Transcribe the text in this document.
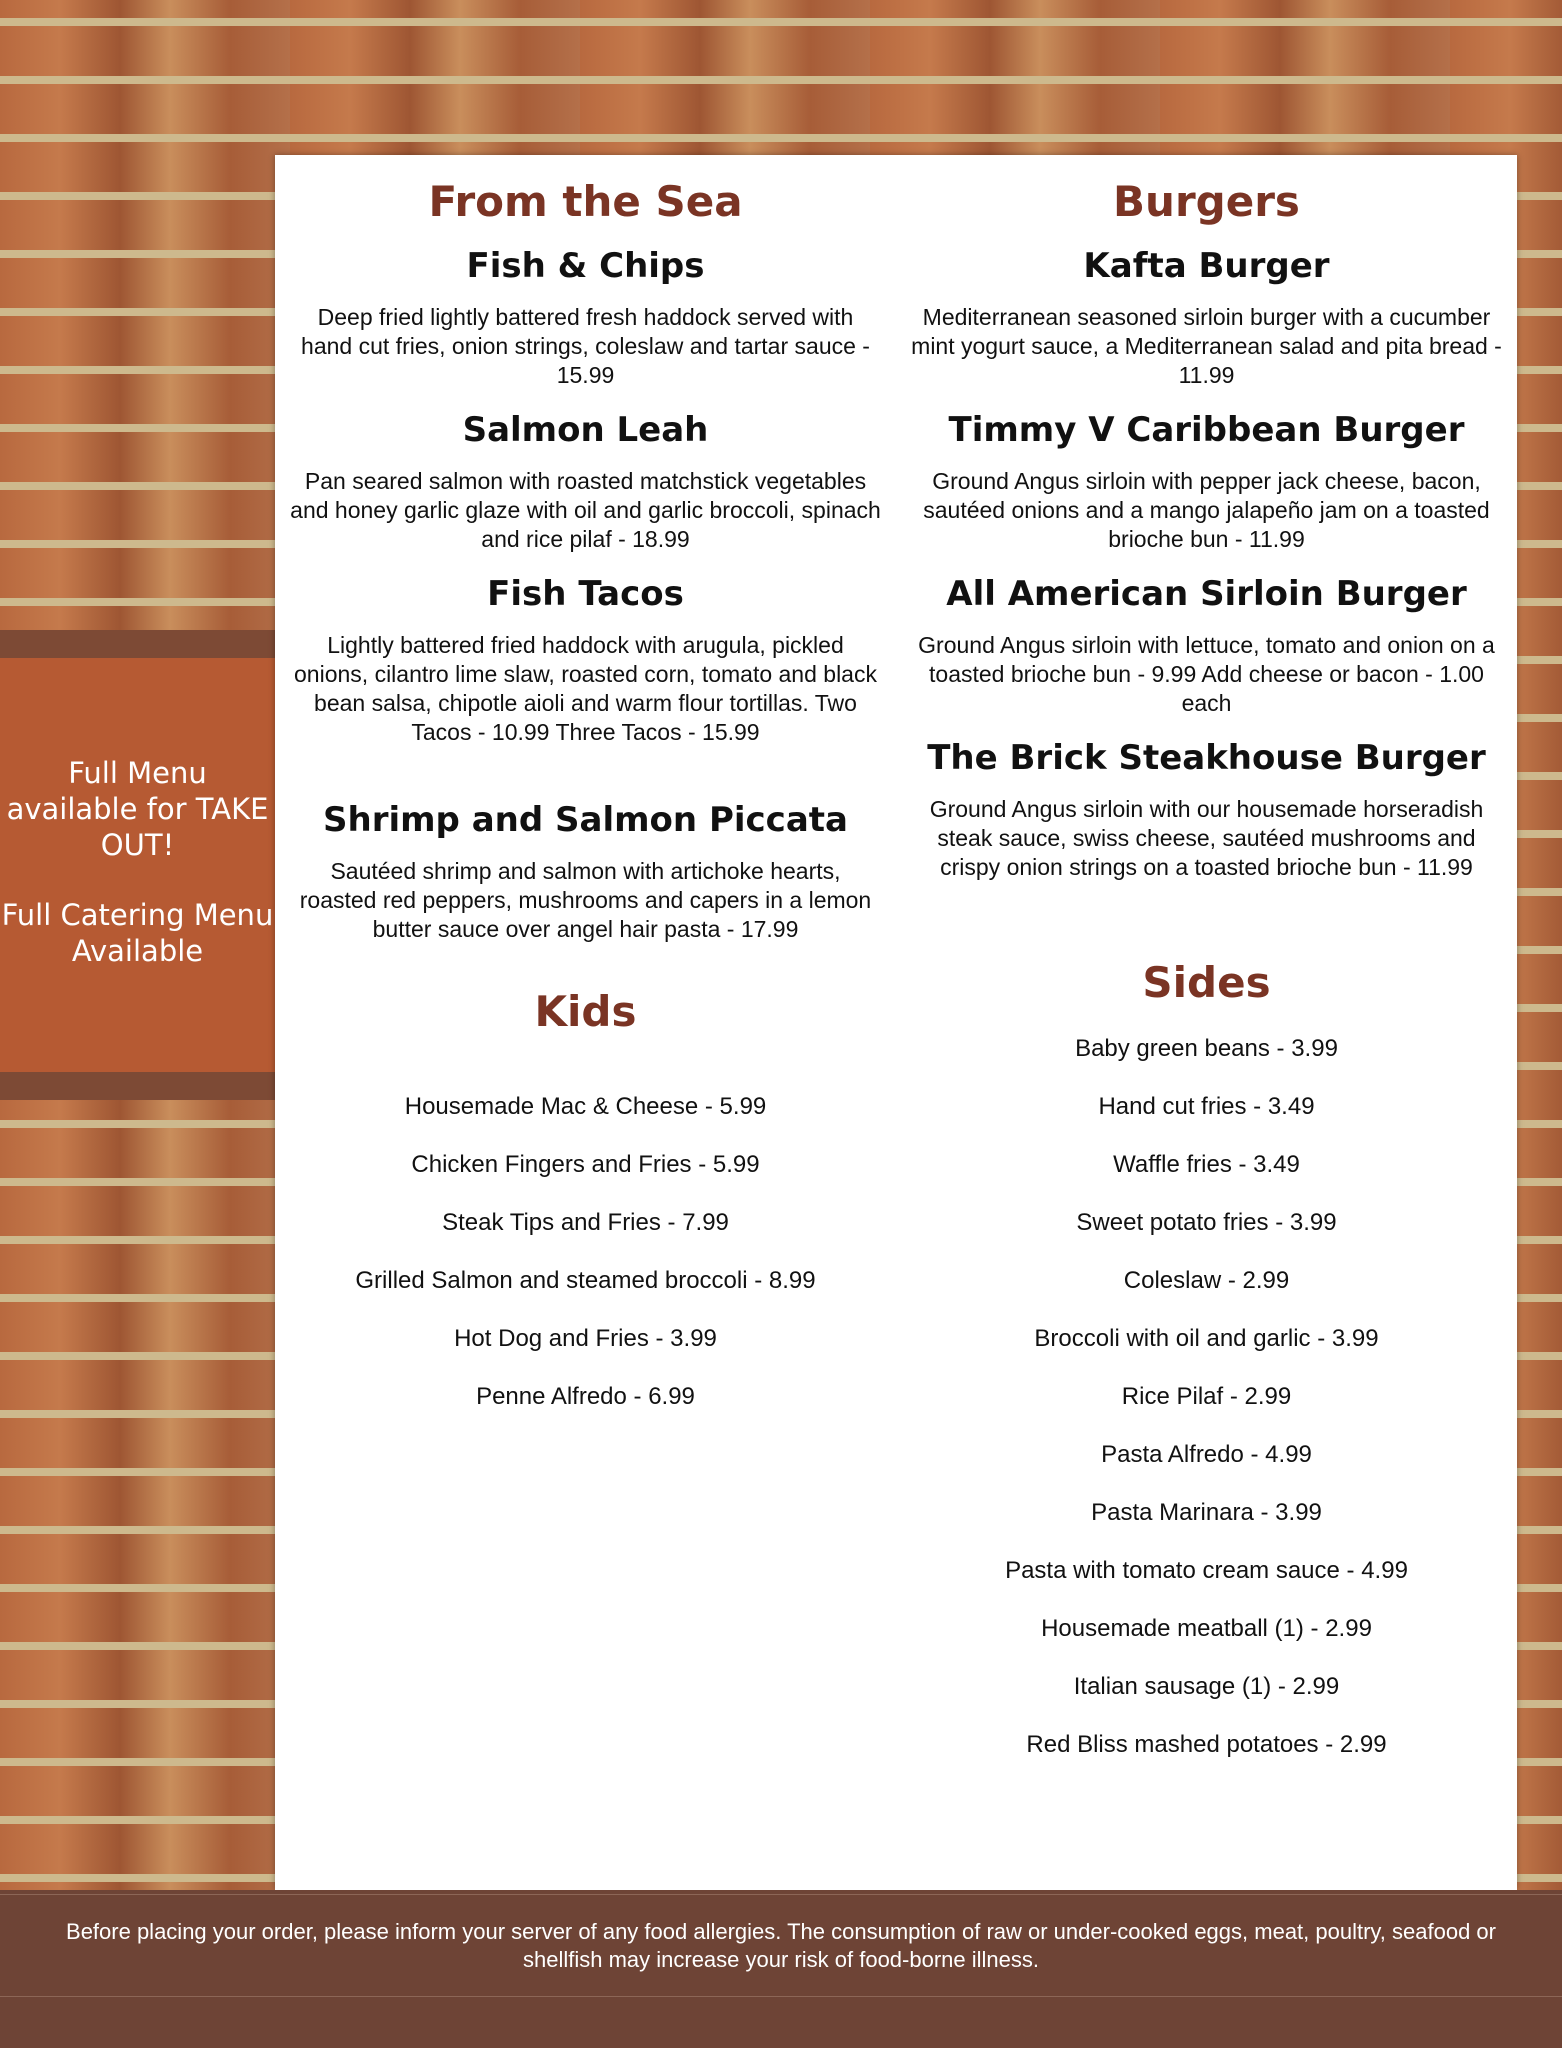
Full Menu available for TAKE OUT!

Full Catering Menu Available

From the Sea
Fish & Chips

Deep fried lightly battered fresh haddock served with hand cut fries, onion strings, coleslaw and tartar sauce - 15.99

Salmon Leah

Pan seared salmon with roasted matchstick vegetables and honey garlic glaze with oil and garlic broccoli, spinach and rice pilaf - 18.99

Fish Tacos

Lightly battered fried haddock with arugula, pickled onions, cilantro lime slaw, roasted corn, tomato and black bean salsa, chipotle aioli and warm flour tortillas. Two Tacos - 10.99 Three Tacos - 15.99

Shrimp and Salmon Piccata

Sautéed shrimp and salmon with artichoke hearts, roasted red peppers, mushrooms and capers in a lemon butter sauce over angel hair pasta - 17.99

Kids
Housemade Mac & Cheese - 5.99
Chicken Fingers and Fries - 5.99
Steak Tips and Fries - 7.99
Grilled Salmon and steamed broccoli - 8.99
Hot Dog and Fries - 3.99
Penne Alfredo - 6.99
Burgers
Kafta Burger

Mediterranean seasoned sirloin burger with a cucumber mint yogurt sauce, a Mediterranean salad and pita bread - 11.99

Timmy V Caribbean Burger

Ground Angus sirloin with pepper jack cheese, bacon, sautéed onions and a mango jalapeño jam on a toasted brioche bun - 11.99

All American Sirloin Burger

Ground Angus sirloin with lettuce, tomato and onion on a toasted brioche bun - 9.99 Add cheese or bacon - 1.00 each

The Brick Steakhouse Burger

Ground Angus sirloin with our housemade horseradish steak sauce, swiss cheese, sautéed mushrooms and crispy onion strings on a toasted brioche bun - 11.99

Sides
Baby green beans - 3.99
Hand cut fries - 3.49
Waffle fries - 3.49
Sweet potato fries - 3.99
Coleslaw - 2.99
Broccoli with oil and garlic - 3.99
Rice Pilaf - 2.99
Pasta Alfredo - 4.99
Pasta Marinara - 3.99
Pasta with tomato cream sauce - 4.99
Housemade meatball (1) - 2.99
Italian sausage (1) - 2.99
Red Bliss mashed potatoes - 2.99

Before placing your order, please inform your server of any food allergies. The consumption of raw or under-cooked eggs, meat, poultry, seafood or shellfish may increase your risk of food-borne illness.
